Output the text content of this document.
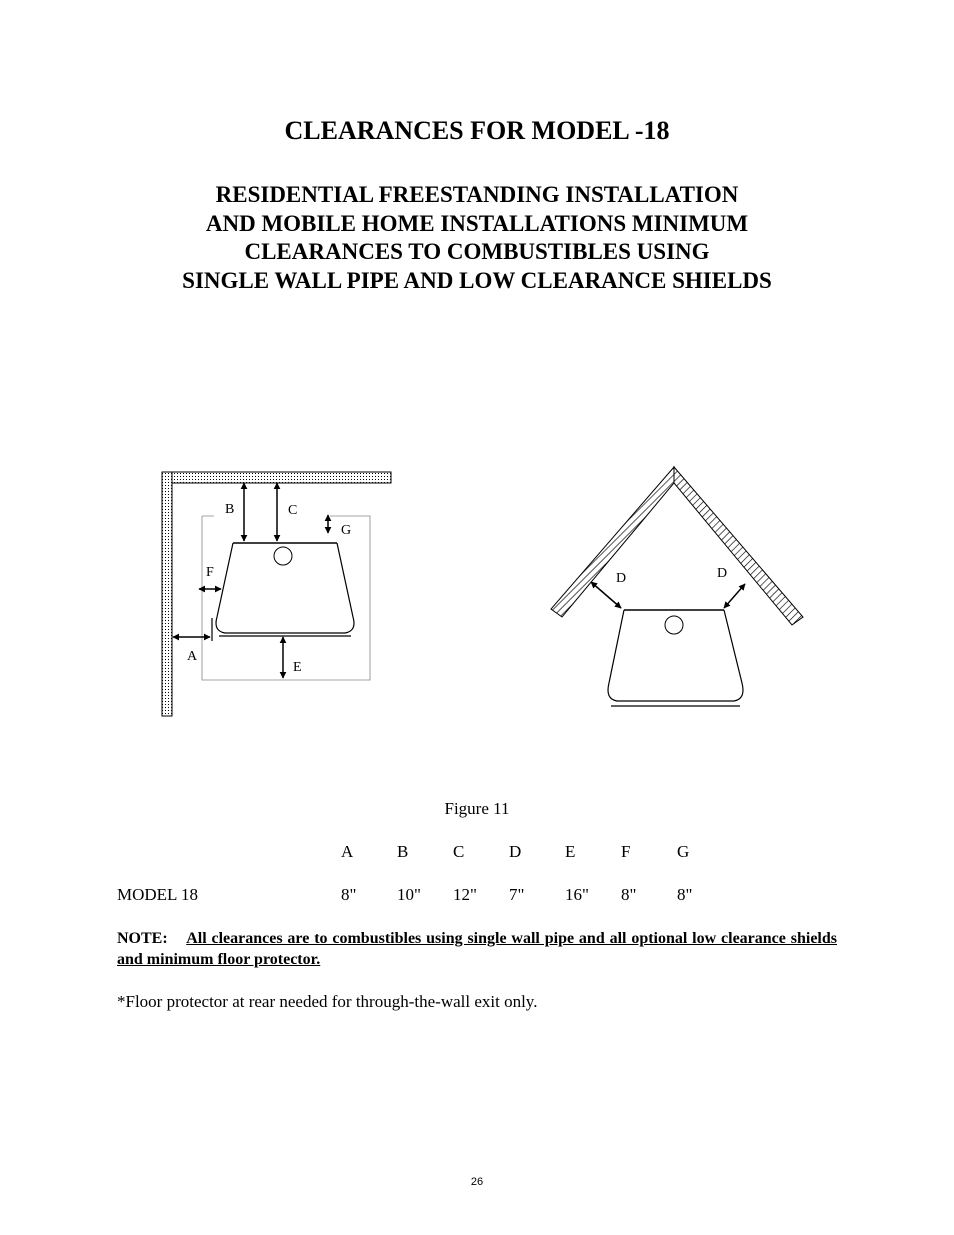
CLEARANCES FOR MODEL -18
RESIDENTIAL FREESTANDING INSTALLATION
AND MOBILE HOME INSTALLATIONS MINIMUM
CLEARANCES TO COMBUSTIBLES USING
SINGLE WALL PIPE AND LOW CLEARANCE SHIELDS
B	C
G
F
A
E
D	D
Figure 11
A	B	C	D	E	F	G
MODEL 18	8" 10" 12" 7" 16" 8" 8"

NOTE: All clearances are to combustibles using single wall pipe and all optional low clearance shields and minimum floor protector.

*Floor protector at rear needed for through-the-wall exit only.
26
